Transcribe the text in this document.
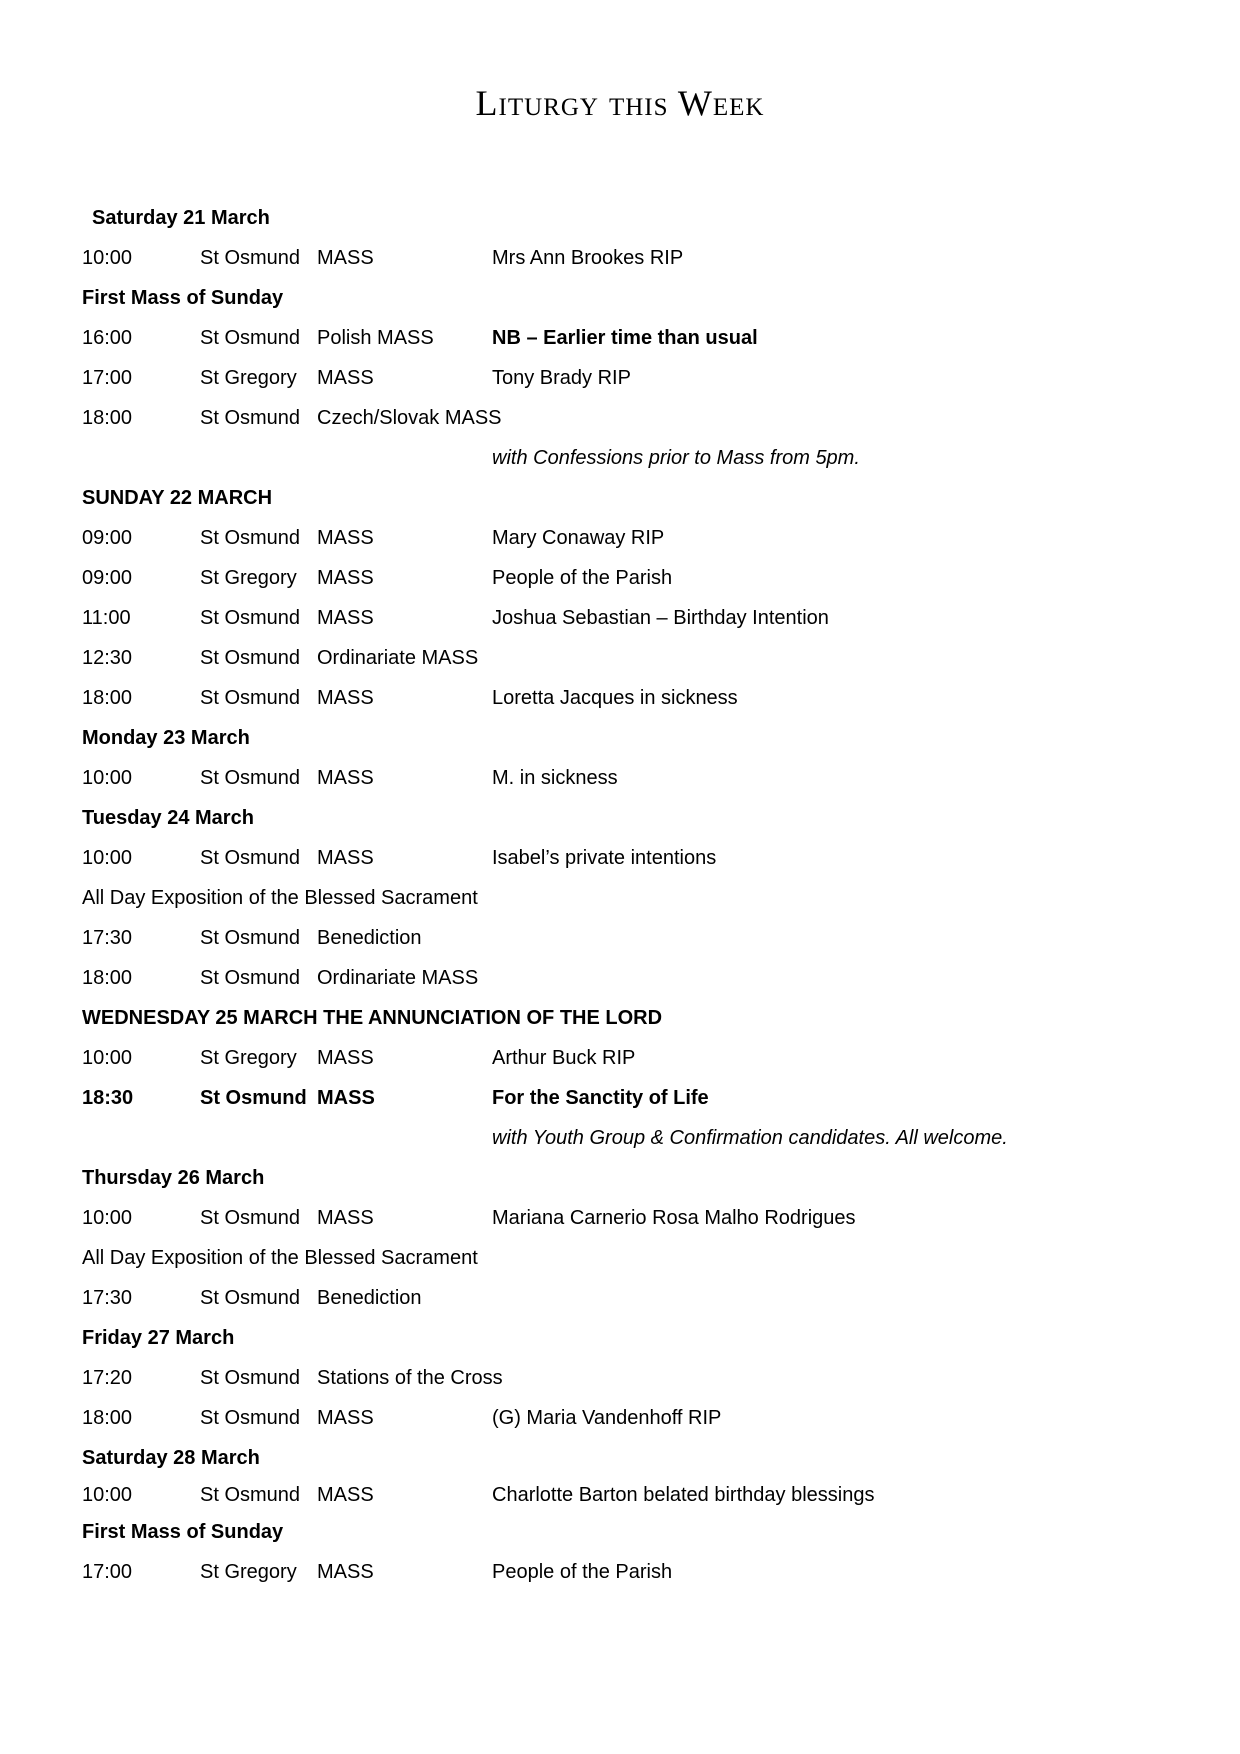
Liturgy this Week
Saturday 21 March
10:00	St Osmund MASS	Mrs Ann Brookes RIP
First Mass of Sunday
16:00	St Osmund Polish MASS	NB – Earlier time than usual
17:00	St Gregory	MASS	Tony Brady RIP
18:00	St Osmund Czech/Slovak MASS
with Confessions prior to Mass from 5pm.
SUNDAY 22 MARCH
09:00	St Osmund MASS	Mary Conaway RIP
09:00	St Gregory	MASS	People of the Parish
11:00	St Osmund MASS	Joshua Sebastian – Birthday Intention
12:30	St Osmund Ordinariate MASS
18:00	St Osmund MASS	Loretta Jacques in sickness
Monday 23 March
10:00	St Osmund MASS	M. in sickness
Tuesday 24 March
10:00	St Osmund MASS	Isabel’s private intentions
All Day Exposition of the Blessed Sacrament
17:30	St Osmund Benediction
18:00	St Osmund Ordinariate MASS
WEDNESDAY 25 MARCH THE ANNUNCIATION OF THE LORD
10:00	St Gregory	MASS	Arthur Buck RIP
18:30	St Osmund MASS	For the Sanctity of Life
with Youth Group & Confirmation candidates. All welcome.
Thursday 26 March
10:00	St Osmund MASS	Mariana Carnerio Rosa Malho Rodrigues
All Day Exposition of the Blessed Sacrament
17:30	St Osmund Benediction
Friday 27 March
17:20	St Osmund Stations of the Cross
18:00	St Osmund MASS	(G) Maria Vandenhoff RIP
Saturday 28 March
10:00	St Osmund MASS	Charlotte Barton belated birthday blessings
First Mass of Sunday
17:00	St Gregory	MASS	People of the Parish
